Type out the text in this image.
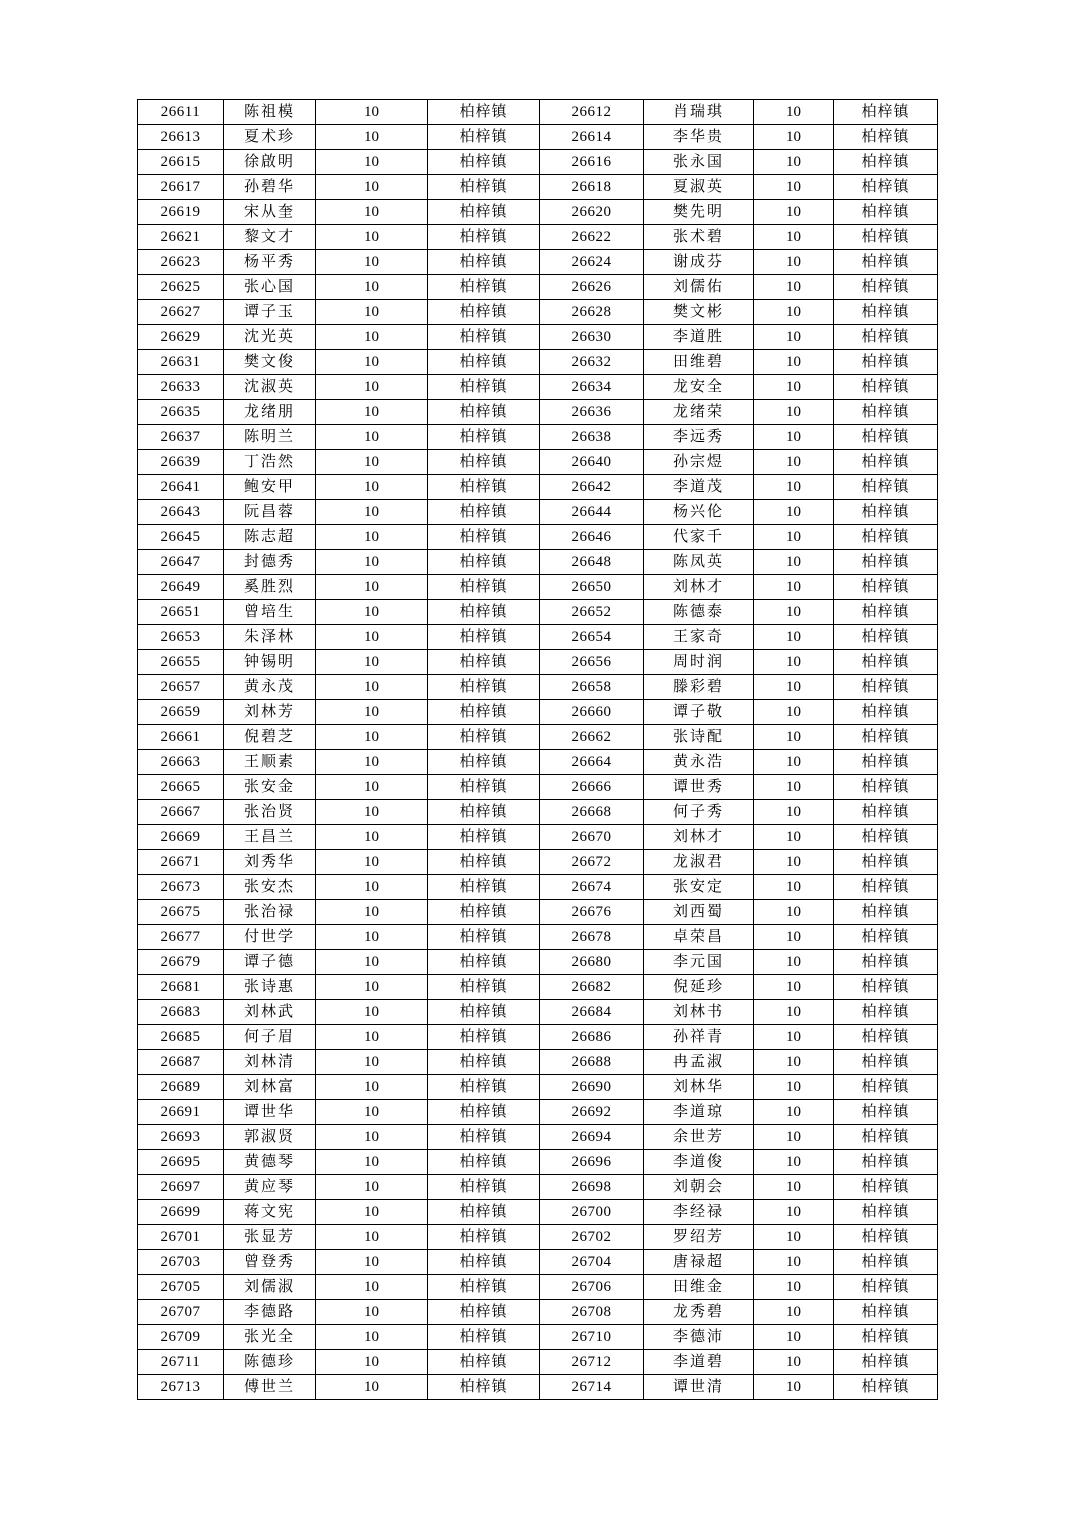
26611	陈祖模	10	柏梓镇	26612	肖瑞琪	10	柏梓镇
26613	夏术珍	10	柏梓镇	26614	李华贵	10	柏梓镇
26615	徐啟明	10	柏梓镇	26616	张永国	10	柏梓镇
26617	孙碧华	10	柏梓镇	26618	夏淑英	10	柏梓镇
26619	宋从奎	10	柏梓镇	26620	樊先明	10	柏梓镇
26621	黎文才	10	柏梓镇	26622	张术碧	10	柏梓镇
26623	杨平秀	10	柏梓镇	26624	谢成芬	10	柏梓镇
26625	张心国	10	柏梓镇	26626	刘儒佑	10	柏梓镇
26627	谭子玉	10	柏梓镇	26628	樊文彬	10	柏梓镇
26629	沈光英	10	柏梓镇	26630	李道胜	10	柏梓镇
26631	樊文俊	10	柏梓镇	26632	田维碧	10	柏梓镇
26633	沈淑英	10	柏梓镇	26634	龙安全	10	柏梓镇
26635	龙绪朋	10	柏梓镇	26636	龙绪荣	10	柏梓镇
26637	陈明兰	10	柏梓镇	26638	李远秀	10	柏梓镇
26639	丁浩然	10	柏梓镇	26640	孙宗煜	10	柏梓镇
26641	鲍安甲	10	柏梓镇	26642	李道茂	10	柏梓镇
26643	阮昌蓉	10	柏梓镇	26644	杨兴伦	10	柏梓镇
26645	陈志超	10	柏梓镇	26646	代家千	10	柏梓镇
26647	封德秀	10	柏梓镇	26648	陈凤英	10	柏梓镇
26649	奚胜烈	10	柏梓镇	26650	刘林才	10	柏梓镇
26651	曾培生	10	柏梓镇	26652	陈德泰	10	柏梓镇
26653	朱泽林	10	柏梓镇	26654	王家奇	10	柏梓镇
26655	钟锡明	10	柏梓镇	26656	周时润	10	柏梓镇
26657	黄永茂	10	柏梓镇	26658	滕彩碧	10	柏梓镇
26659	刘林芳	10	柏梓镇	26660	谭子敬	10	柏梓镇
26661	倪碧芝	10	柏梓镇	26662	张诗配	10	柏梓镇
26663	王顺素	10	柏梓镇	26664	黄永浩	10	柏梓镇
26665	张安金	10	柏梓镇	26666	谭世秀	10	柏梓镇
26667	张治贤	10	柏梓镇	26668	何子秀	10	柏梓镇
26669	王昌兰	10	柏梓镇	26670	刘林才	10	柏梓镇
26671	刘秀华	10	柏梓镇	26672	龙淑君	10	柏梓镇
26673	张安杰	10	柏梓镇	26674	张安定	10	柏梓镇
26675	张治禄	10	柏梓镇	26676	刘西蜀	10	柏梓镇
26677	付世学	10	柏梓镇	26678	卓荣昌	10	柏梓镇
26679	谭子德	10	柏梓镇	26680	李元国	10	柏梓镇
26681	张诗惠	10	柏梓镇	26682	倪延珍	10	柏梓镇
26683	刘林武	10	柏梓镇	26684	刘林书	10	柏梓镇
26685	何子眉	10	柏梓镇	26686	孙祥青	10	柏梓镇
26687	刘林清	10	柏梓镇	26688	冉孟淑	10	柏梓镇
26689	刘林富	10	柏梓镇	26690	刘林华	10	柏梓镇
26691	谭世华	10	柏梓镇	26692	李道琼	10	柏梓镇
26693	郭淑贤	10	柏梓镇	26694	余世芳	10	柏梓镇
26695	黄德琴	10	柏梓镇	26696	李道俊	10	柏梓镇
26697	黄应琴	10	柏梓镇	26698	刘朝会	10	柏梓镇
26699	蒋文宪	10	柏梓镇	26700	李经禄	10	柏梓镇
26701	张显芳	10	柏梓镇	26702	罗绍芳	10	柏梓镇
26703	曾登秀	10	柏梓镇	26704	唐禄超	10	柏梓镇
26705	刘儒淑	10	柏梓镇	26706	田维金	10	柏梓镇
26707	李德路	10	柏梓镇	26708	龙秀碧	10	柏梓镇
26709	张光全	10	柏梓镇	26710	李德沛	10	柏梓镇
26711	陈德珍	10	柏梓镇	26712	李道碧	10	柏梓镇
26713	傅世兰	10	柏梓镇	26714	谭世清	10	柏梓镇
